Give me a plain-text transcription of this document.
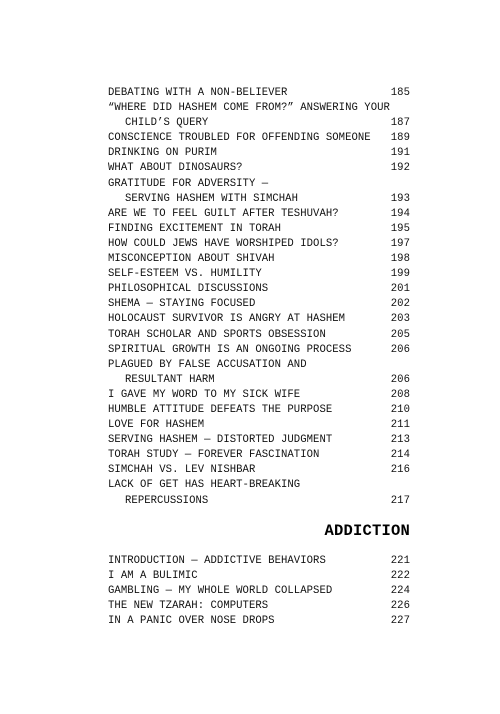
DEBATING WITH A NON-BELIEVER	185
“WHERE DID HASHEM COME FROM?” ANSWERING YOUR
CHILD’S QUERY	187
CONSCIENCE TROUBLED FOR OFFENDING SOMEONE 189
DRINKING ON PURIM	191
WHAT ABOUT DINOSAURS?	192
GRATITUDE FOR ADVERSITY —
SERVING HASHEM WITH SIMCHAH	193
ARE WE TO FEEL GUILT AFTER TESHUVAH?	194
FINDING EXCITEMENT IN TORAH	195
HOW COULD JEWS HAVE WORSHIPED IDOLS?	197
MISCONCEPTION ABOUT SHIVAH	198
SELF-ESTEEM VS. HUMILITY	199
PHILOSOPHICAL DISCUSSIONS	201
SHEMA — STAYING FOCUSED	202
HOLOCAUST SURVIVOR IS ANGRY AT HASHEM	203
TORAH SCHOLAR AND SPORTS OBSESSION	205
SPIRITUAL GROWTH IS AN ONGOING PROCESS	206
PLAGUED BY FALSE ACCUSATION AND
RESULTANT HARM	206
I GAVE MY WORD TO MY SICK WIFE	208
HUMBLE ATTITUDE DEFEATS THE PURPOSE	210
LOVE FOR HASHEM	211
SERVING HASHEM — DISTORTED JUDGMENT	213
TORAH STUDY — FOREVER FASCINATION	214
SIMCHAH VS. LEV NISHBAR	216
LACK OF GET HAS HEART-BREAKING
REPERCUSSIONS	217
ADDICTION
INTRODUCTION — ADDICTIVE BEHAVIORS	221
I AM A BULIMIC	222
GAMBLING — MY WHOLE WORLD COLLAPSED	224
THE NEW TZARAH: COMPUTERS	226
IN A PANIC OVER NOSE DROPS	227
